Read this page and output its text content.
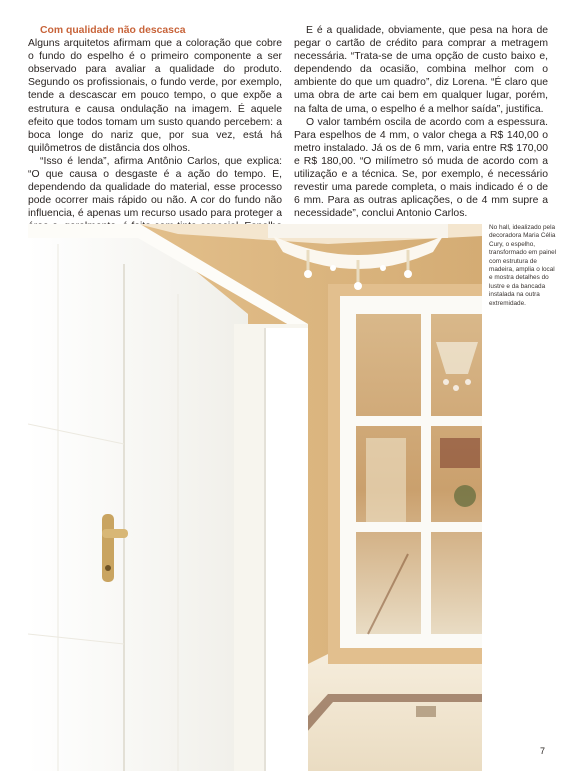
Com qualidade não descasca

Alguns arquitetos afirmam que a coloração que cobre o fundo do espelho é o primeiro componente a ser observado para avaliar a qualidade do produto. Segundo os profissionais, o fundo verde, por exemplo, tende a descascar em pouco tempo, o que expõe a estrutura e causa ondulação na imagem. É aquele efeito que todos tomam um susto quando percebem: a boca longe do nariz que, por sua vez, está há quilômetros de distância dos olhos.

“Isso é lenda”, afirma Antônio Carlos, que explica: “O que causa o desgaste é a ação do tempo. E, dependendo da qualidade do material, esse processo pode ocorrer mais rápido ou não. A cor do fundo não influencia, é apenas um recurso usado para proteger a

E é a qualidade, obviamente, que pesa na hora de pegar o cartão de crédito para comprar a metragem necessária. “Trata-se de uma opção de custo baixo e, dependendo da ocasião, combina melhor com o ambiente do que um quadro”, diz Lorena. “É claro que uma obra de arte cai bem em qualquer lugar, porém, na falta de uma, o espelho é a melhor saída”, justifica.

O valor também oscila de acordo com a espessura. Para espelhos de 4 mm, o valor chega a R$ 140,00 o metro instalado. Já os de 6 mm, varia entre R$ 170,00 e R$ 180,00. “O milímetro só muda de acordo com a utilização e a técnica. Se, por exemplo, é necessário revestir uma parede completa, o mais indicado é o de 6 mm. Para as outras aplicações, o de 4 mm supre a necessidade”, conclui Antonio Carlos.

No hall, idealizado pela decoradora Maria Célia Cury, o espelho, transformado em painel com estrutura de madeira, amplia o local e mostra detalhes do lustre e da bancada instalada na outra extremidade.
7
